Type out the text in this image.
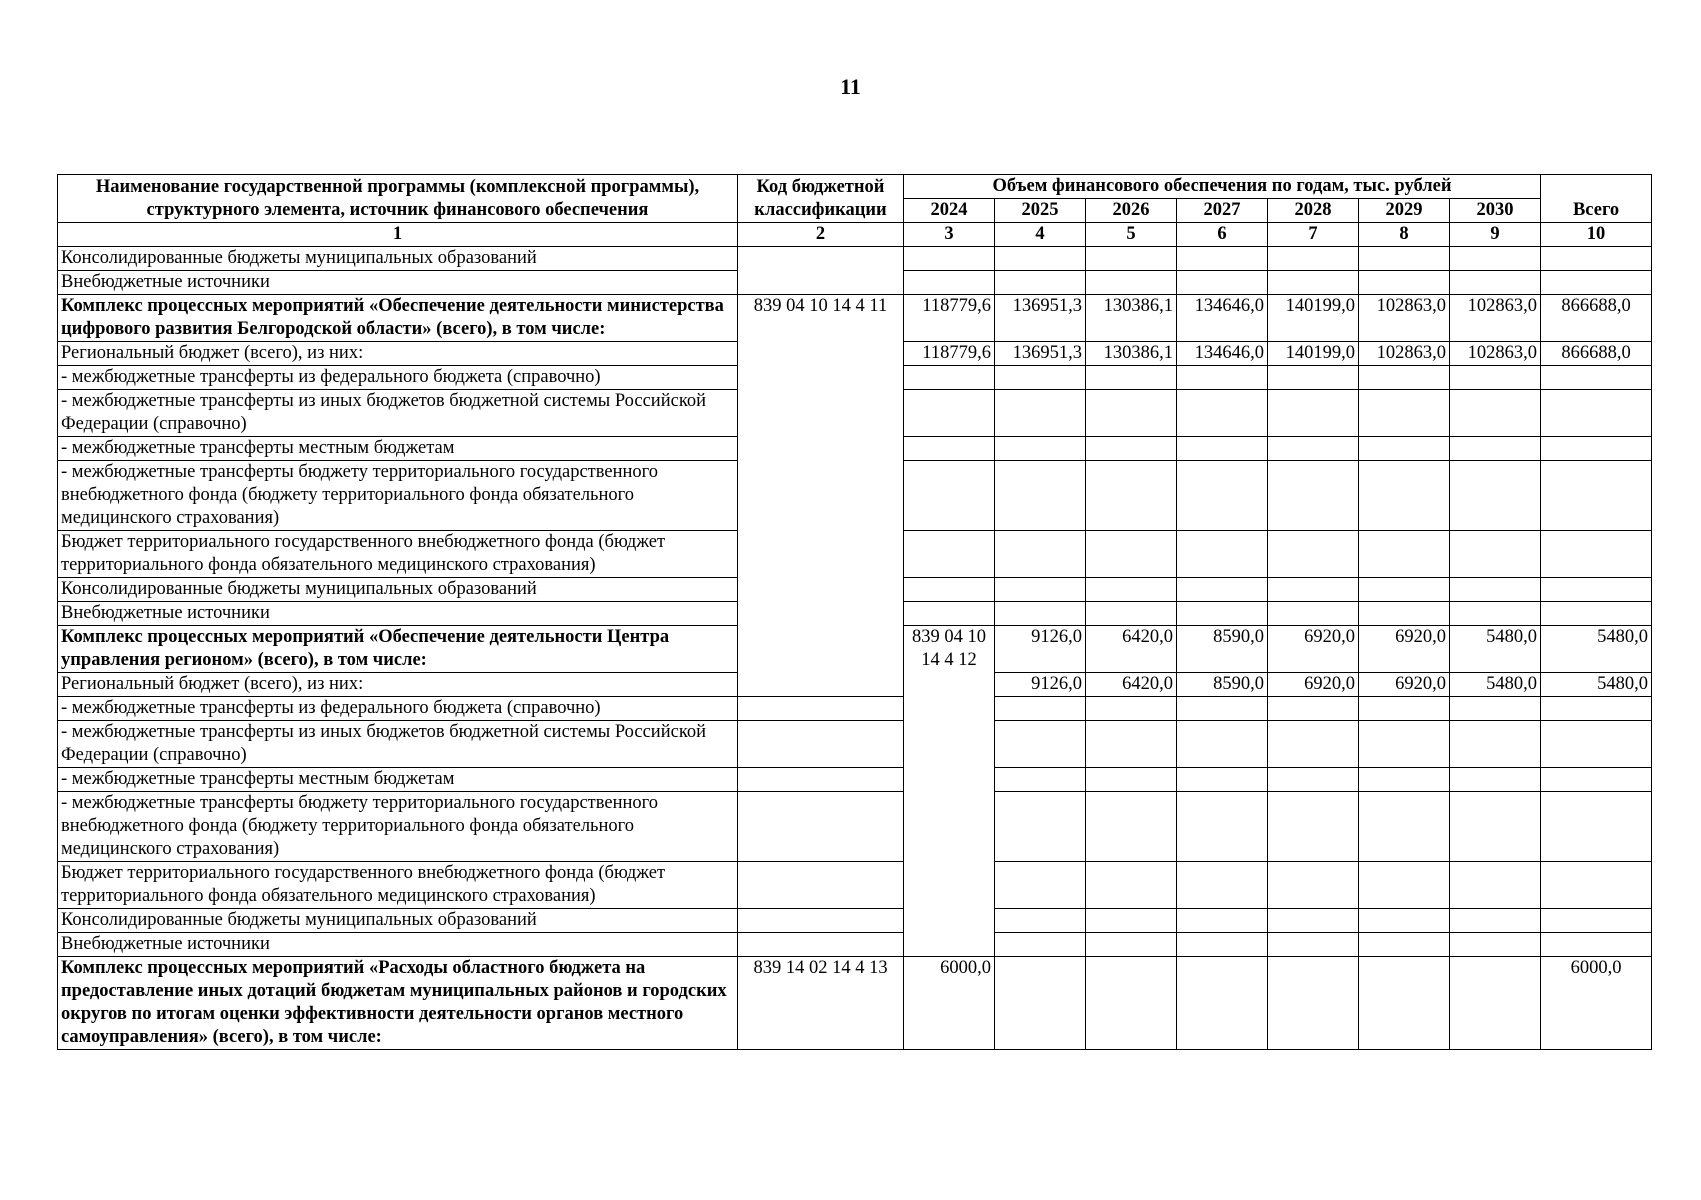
11
Наименование государственной программы (комплексной программы), структурного элемента, источник финансового обеспечения	Код бюджетной классификации	Объем финансового обеспечения по годам, тыс. рублей								
		2024	2025	2026	2027	2028	2029	2030	Всего	
1	2	3	4	5	6	7	8	9	10	
Консолидированные бюджеты муниципальных образований										
Внебюджетные источники										
Комплекс процессных мероприятий «Обеспечение деятельности министерства цифрового развития Белгородской области» (всего), в том числе:	839 04 10 14 4 11	118779,6	136951,3	130386,1	134646,0	140199,0	102863,0	102863,0	866688,0	
Региональный бюджет (всего), из них:		118779,6	136951,3	130386,1	134646,0	140199,0	102863,0	102863,0	866688,0	
- межбюджетные трансферты из федерального бюджета (справочно)										
- межбюджетные трансферты из иных бюджетов бюджетной системы Российской Федерации (справочно)										
- межбюджетные трансферты местным бюджетам										
- межбюджетные трансферты бюджету территориального государственного внебюджетного фонда (бюджету территориального фонда обязательного медицинского страхования)										
Бюджет территориального государственного внебюджетного фонда (бюджет территориального фонда обязательного медицинского страхования)										
Консолидированные бюджеты муниципальных образований										
Внебюджетные источники										
Комплекс процессных мероприятий «Обеспечение деятельности Центра управления регионом» (всего), в том числе:		839 04 10 14 4 12	9126,0	6420,0	8590,0	6920,0	6920,0	5480,0	5480,0	
Региональный бюджет (всего), из них:			9126,0	6420,0	8590,0	6920,0	6920,0	5480,0	5480,0	
- межбюджетные трансферты из федерального бюджета (справочно)										
- межбюджетные трансферты из иных бюджетов бюджетной системы Российской Федерации (справочно)										
- межбюджетные трансферты местным бюджетам										
- межбюджетные трансферты бюджету территориального государственного внебюджетного фонда (бюджету территориального фонда обязательного медицинского страхования)										
Бюджет территориального государственного внебюджетного фонда (бюджет территориального фонда обязательного медицинского страхования)										
Консолидированные бюджеты муниципальных образований										
Внебюджетные источники										
Комплекс процессных мероприятий «Расходы областного бюджета на предоставление иных дотаций бюджетам муниципальных районов и городских округов по итогам оценки эффективности деятельности органов местного самоуправления» (всего), в том числе:	839 14 02 14 4 13	6000,0							6000,0	
